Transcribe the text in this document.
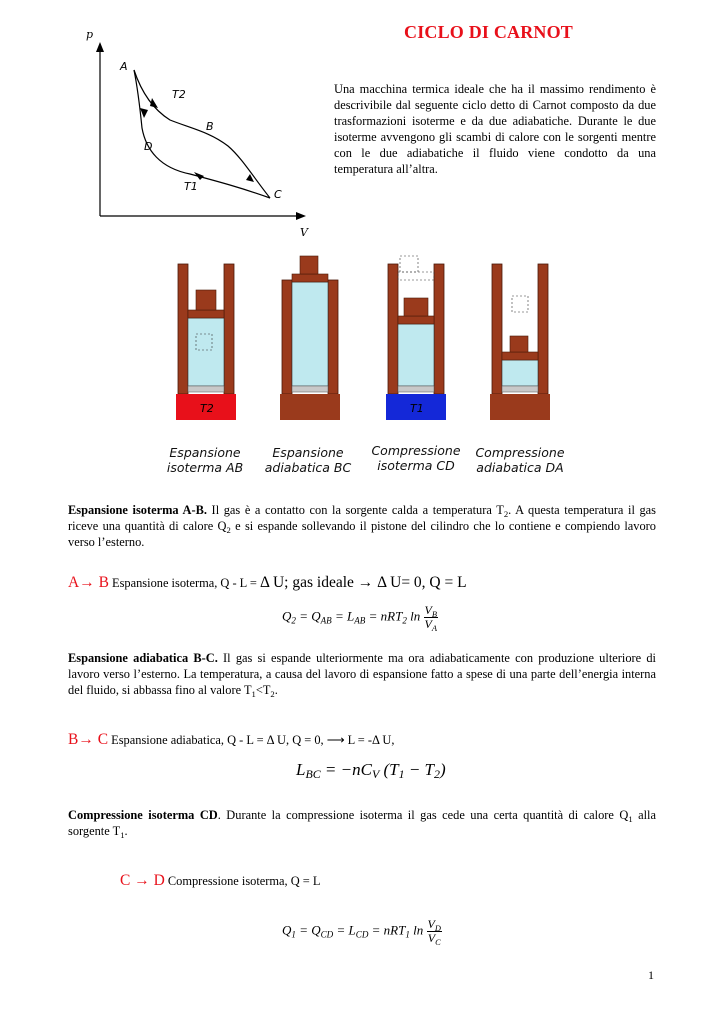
CICLO DI CARNOT
p
V
A
B
C
D
T2
T1
Una macchina termica ideale che ha il massimo rendimento è descrivibile dal seguente ciclo detto di Carnot composto da due trasformazioni isoterme e da due adiabatiche. Durante le due isoterme avvengono gli scambi di calore con le sorgenti mentre con le due adiabatiche il fluido viene condotto da una temperatura all’altra.
T2	T1
Espansione
isoterma AB
Espansione
adiabatica BC
Compressione
isoterma CD
Compressione
adiabatica DA
Espansione isoterma A-B. Il gas è a contatto con la sorgente calda a temperatura $T_2$. A questa temperatura il gas riceve una quantità di calore $Q_2$ e si espande sollevando il pistone del cilindro che lo contiene e compiendo lavoro verso l’esterno.
A→ B Espansione isoterma, Q - L = Δ U; gas ideale → Δ U= 0, Q = L
$Q_2 = Q_{AB} = L_{AB} = nRT_2$ $\ln \frac{V_B}{V_A}$
Espansione adiabatica B-C. Il gas si espande ulteriormente ma ora adiabaticamente con produzione ulteriore di lavoro verso l’esterno. La temperatura, a causa del lavoro di espansione fatto a spese di una parte dell’energia interna del fluido, si abbassa fino al valore $T_1<T_2$.
B→ C Espansione adiabatica, Q - L = Δ U, Q = 0, ⟶ L = -Δ U,
$L_{BC} = -nC_V$ $(T_1 - T_2)$
Compressione isoterma CD. Durante la compressione isoterma il gas cede una certa quantità di calore $Q_1$ alla sorgente $T_1$.
C → D Compressione isoterma, Q = L
$Q_1 = Q_{CD} = L_{CD} = nRT_1$ $\ln \frac{V_D}{V_C}$
1
